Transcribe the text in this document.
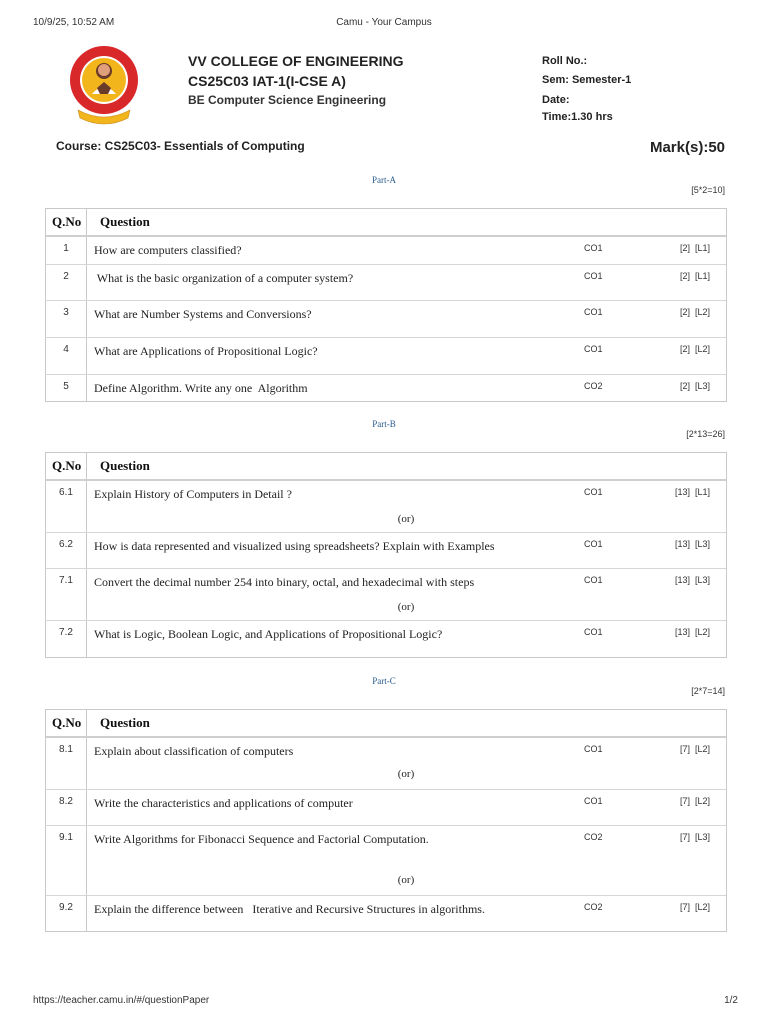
10/9/25, 10:52 AM	Camu - Your Campus
VV COLLEGE OF ENGINEERING
CS25C03 IAT-1(I-CSE A)
BE Computer Science Engineering
Roll No.:
Sem: Semester-1
Date:
Time:1.30 hrs
Course: CS25C03- Essentials of Computing	Mark(s):50
Part-A
[5*2=10]
Q.No Question
1	How are computers classified?	CO1	[2]  [L1]
2	What is the basic organization of a computer system?	CO1	[2]  [L1]
3	What are Number Systems and Conversions?	CO1	[2]  [L2]
4	What are Applications of Propositional Logic?	CO1	[2]  [L2]
5	Define Algorithm. Write any one  Algorithm	CO2	[2]  [L3]
Part-B
[2*13=26]
Q.No Question
6.1	Explain History of Computers in Detail ?	CO1	[13]  [L1]
(or)
6.2	How is data represented and visualized using spreadsheets? Explain with Examples	CO1	[13]  [L3]
7.1	Convert the decimal number 254 into binary, octal, and hexadecimal with steps	CO1	[13]  [L3]
(or)
7.2	What is Logic, Boolean Logic, and Applications of Propositional Logic?	CO1	[13]  [L2]
Part-C
[2*7=14]
Q.No Question
8.1	Explain about classification of computers	CO1	[7]  [L2]
(or)
8.2	Write the characteristics and applications of computer	CO1	[7]  [L2]
9.1	Write Algorithms for Fibonacci Sequence and Factorial Computation.	CO2	[7]  [L3]
(or)
9.2	Explain the difference between   Iterative and Recursive Structures in algorithms.	CO2	[7]  [L2]
https://teacher.camu.in/#/questionPaper	1/2
